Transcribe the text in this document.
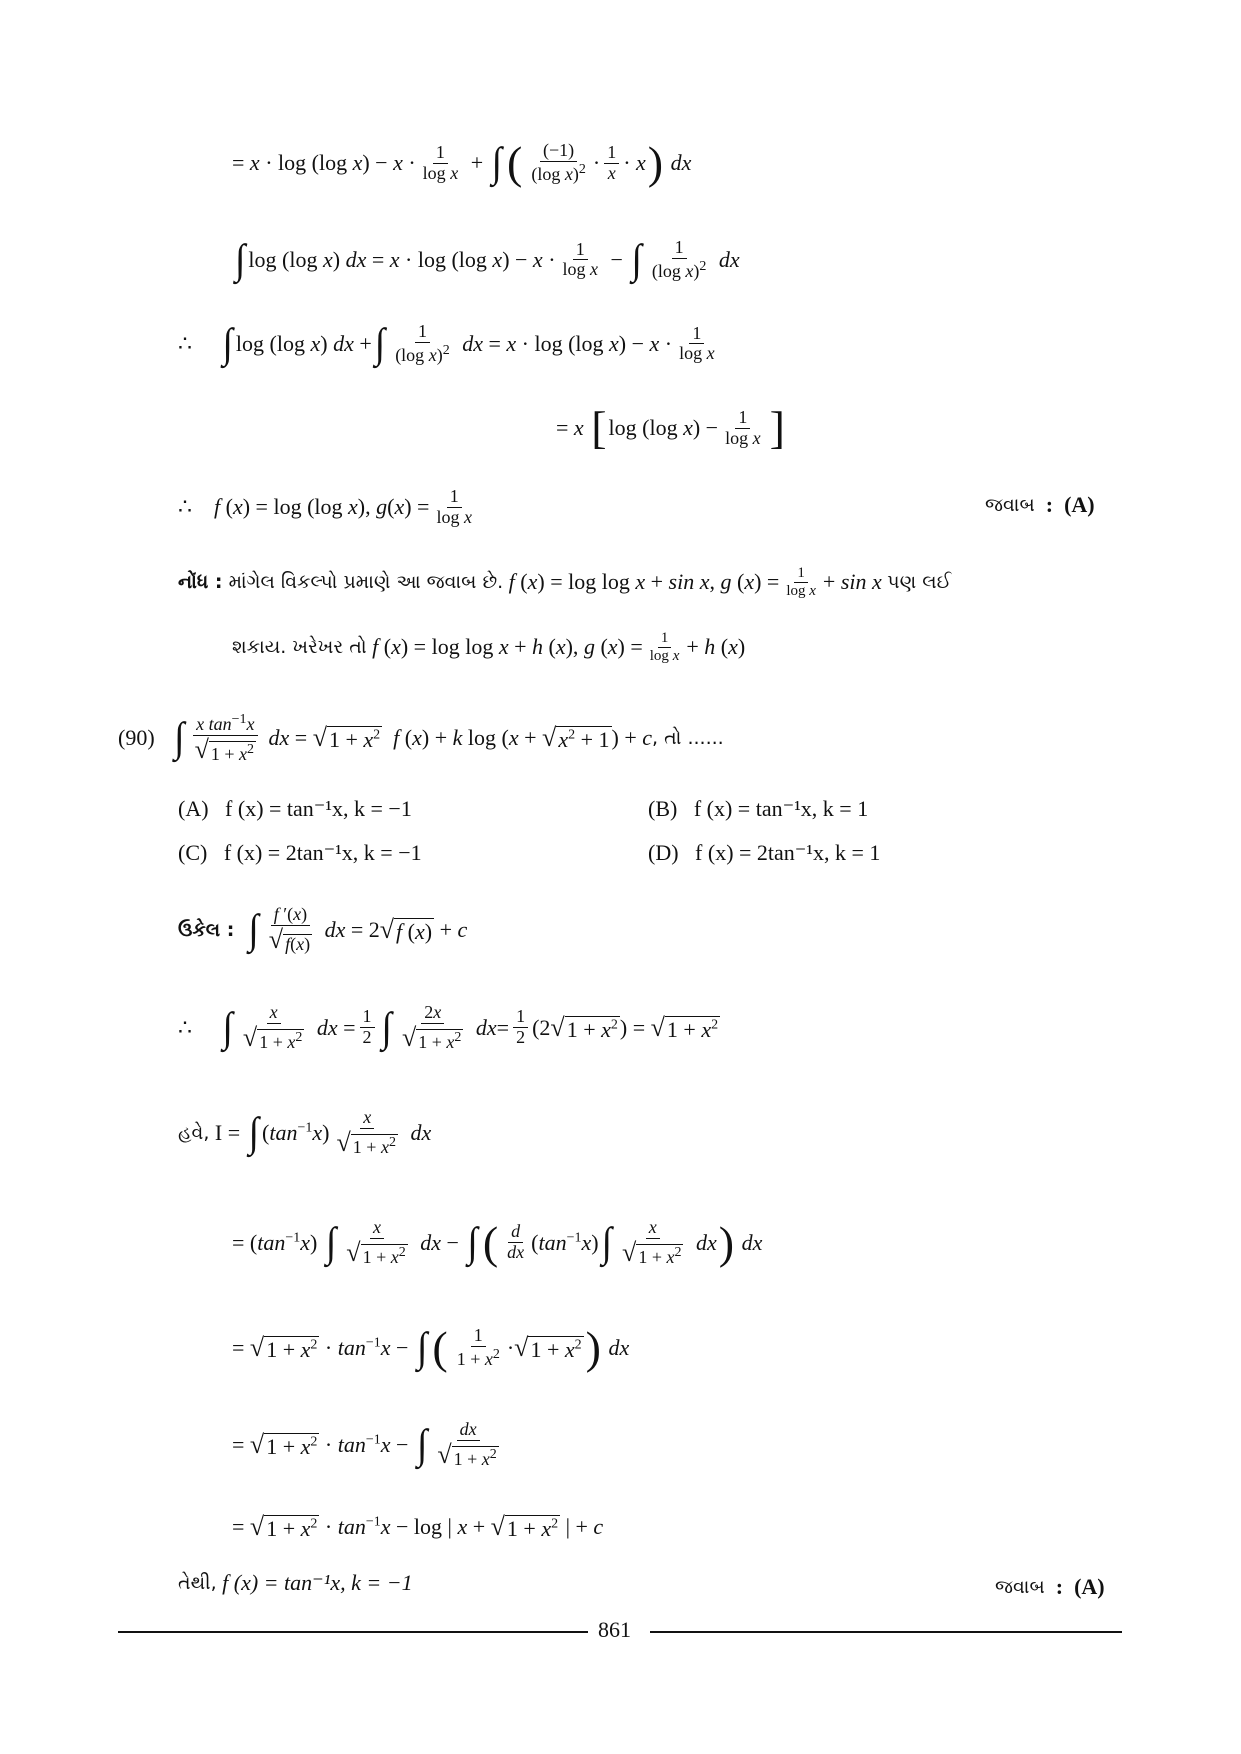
= x · log (log $x) - x \cdot \frac{1}{\text{log x}}$ + ∫ ( $\frac{(-1)}{(\log x)^2} \cdot \frac{1}{x} \cdot x$ ) dx
∫ log (log x) dx = x · log (log $x) - x \cdot \frac{1}{\text{log x}}$ − ∫ $\frac{1}{(\log x)^2}$ dx
∴ ∫ log (log x) dx + ∫ $\frac{1}{(\log x)^2}$ dx = x · log (log $x) - x \cdot \frac{1}{\text{log x}}$
= x [ log (log $x) - \frac{1}{\text{log x}}$ ]
∴    f (x) = log (log x), $g(x) = \frac{1}{\text{log x}}$	જવાબ : (A)
નોંધ :
માંગેલ વિકલ્પો પ્રમાણે આ જવાબ છે. f (x) = log log x + sin x, g $(x) = \frac{1}{\text{log x}} + \sin x$ પણ લઈ
શકાય. ખરેખર તો f (x) = log log x + h (x), g $(x) = \frac{1}{\text{log x}} + h$ (x)
(90)
∫ $\frac{x \tan^{-1}x}{√ 1 + x^2}$ dx = √ $1 + x^2$ f (x) + k log (x + √ $x^2 + 1$ ) + c , તો ......
(A)
f (x) = tan⁻¹x, k = −1	(B)
f (x) = tan⁻¹x, k = 1
(C)
f (x) = 2tan⁻¹x, k = −1	(D)
f (x) = 2tan⁻¹x, k = 1
ઉકેલ :
∫ $\frac{f '(x)}{√ f(x)}$ dx = 2 √ f (x) + c
∴ ∫ $\frac{x}{√ 1 + x^2}$ dx = $\frac{1}{2}$ ∫ $\frac{2x}{√ 1 + x^2} dx= \frac{1}{2} (2$ √ $1 + x^2$ ) = √ $1 + x^2$
હવે, I = ∫ $(\tan^{-1}x) \frac{x}{√ 1 + x^2}$ dx
= $(\tan^{-1}x)$ ∫ $\frac{x}{√ 1 + x^2}$ dx − ∫ ( $\frac{d}{dx} (\tan^{-1}x)$ ∫ $\frac{x}{√ 1 + x^2}$ dx ) dx
= √ $1 + x^2 \cdot \tan^{-1}x$ − ∫ ( $\frac{1}{1 + x^2}$ · √ $1 + x^2$ ) dx
= √ $1 + x^2 \cdot \tan^{-1}x$ − ∫ $\frac{dx}{√ 1 + x^2}$
= √ $1 + x^2 \cdot \tan^{-1}x - \log$ | x + √ $1 + x^2$ | + c
તેથી,
f (x) = tan⁻¹x, k = −1	જવાબ : (A)
861
